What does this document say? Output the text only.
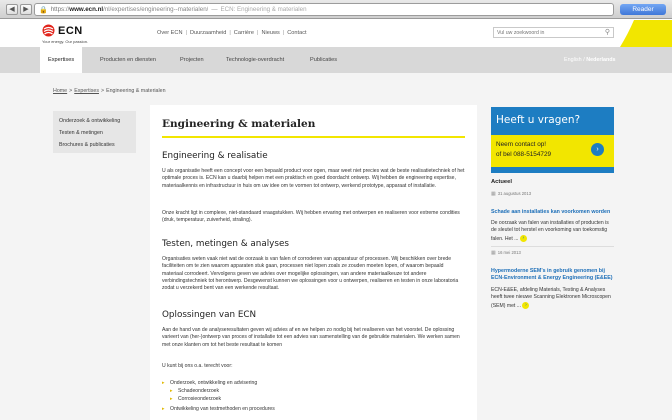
◀	▶	🔒 https:// www.ecn.nl /nl/expertises/engineering--materialen/ — ECN: Engineering & materialen	Reader
ECN
Your energy. Our passion.
Over ECN | Duurzaamheid | Carrière | Nieuws | Contact
Vul uw zoekwoord in	⚲
Expertises	Producten en diensten	Projecten	Technologie-overdracht	Publicaties	English / Nederlands
Home > Expertises > Engineering & materialen
Onderzoek & ontwikkeling
Testen & metingen
Brochures & publicaties
Engineering & materialen
Engineering & realisatie

U als organisatie heeft een concept voor een bepaald product voor ogen, maar weet niet precies wat de beste realisatietechniek of het optimale proces is. ECN kan u daarbij helpen met een praktisch en goed doordacht ontwerp. Wij hebben de engineering expertise, materiaalkennis en infrastructuur in huis om uw idee om te vormen tot ontwerp, werkend prototype, apparaat of installatie.

Onze kracht ligt in complexe, niet-standaard vraagstukken. Wij hebben ervaring met ontwerpen en realiseren voor extreme condities (druk, temperatuur, zuiverheid, straling).

Testen, metingen & analyses

Organisaties weten vaak niet wat de oorzaak is van falen of corroderen van apparatuur of processen. Wij beschikken over brede faciliteiten om te zien waarom apparaten stuk gaan, processen niet lopen zoals ze zouden moeten lopen, of waarom bepaald materiaal corrodeert. Vervolgens geven we advies over mogelijke oplossingen, van andere materiaalkeuze tot andere verbindingstechniek tot herontwerp. Desgewenst kunnen we oplossingen voor u ontwerpen, realiseren en testen in onze laboratoria zodat u verzekerd bent van een werkende resultaat.

Oplossingen van ECN

Aan de hand van de analyseresultaten geven wij advies af en we helpen zo nodig bij het realiseren van het voorstel. De oplossing varieert van (her-)ontwerp van proces of installatie tot een advies van samenstelling van de gebruikte materialen. We werken samen met onze klanten om tot het beste resultaat te komen

U kunt bij ons o.a. terecht voor:

▸ Onderzoek, ontwikkeling en advisering
▸ Schadeonderzoek
▸ Corrosieonderzoek
▸ Ontwikkeling van testmethoden en procedures
Heeft u vragen?
Neem contact op!
of bel 088-5154729
›
Actueel
▦ 31 augustus 2013
Schade aan installaties kan voorkomen worden
De oorzaak van falen van installaties of producten is de sleutel tot herstel en voorkoming van toekomstig falen. Het ... ›
▦ 16 mei 2013
Hypermoderne SEM's in gebruik genomen bij ECN-Environment & Energy Engineering (E&EE)
ECN-E&EE, afdeling Materials, Testing & Analyses heeft twee nieuwe Scanning Elektronen Microscopen (SEM) met ... ›
